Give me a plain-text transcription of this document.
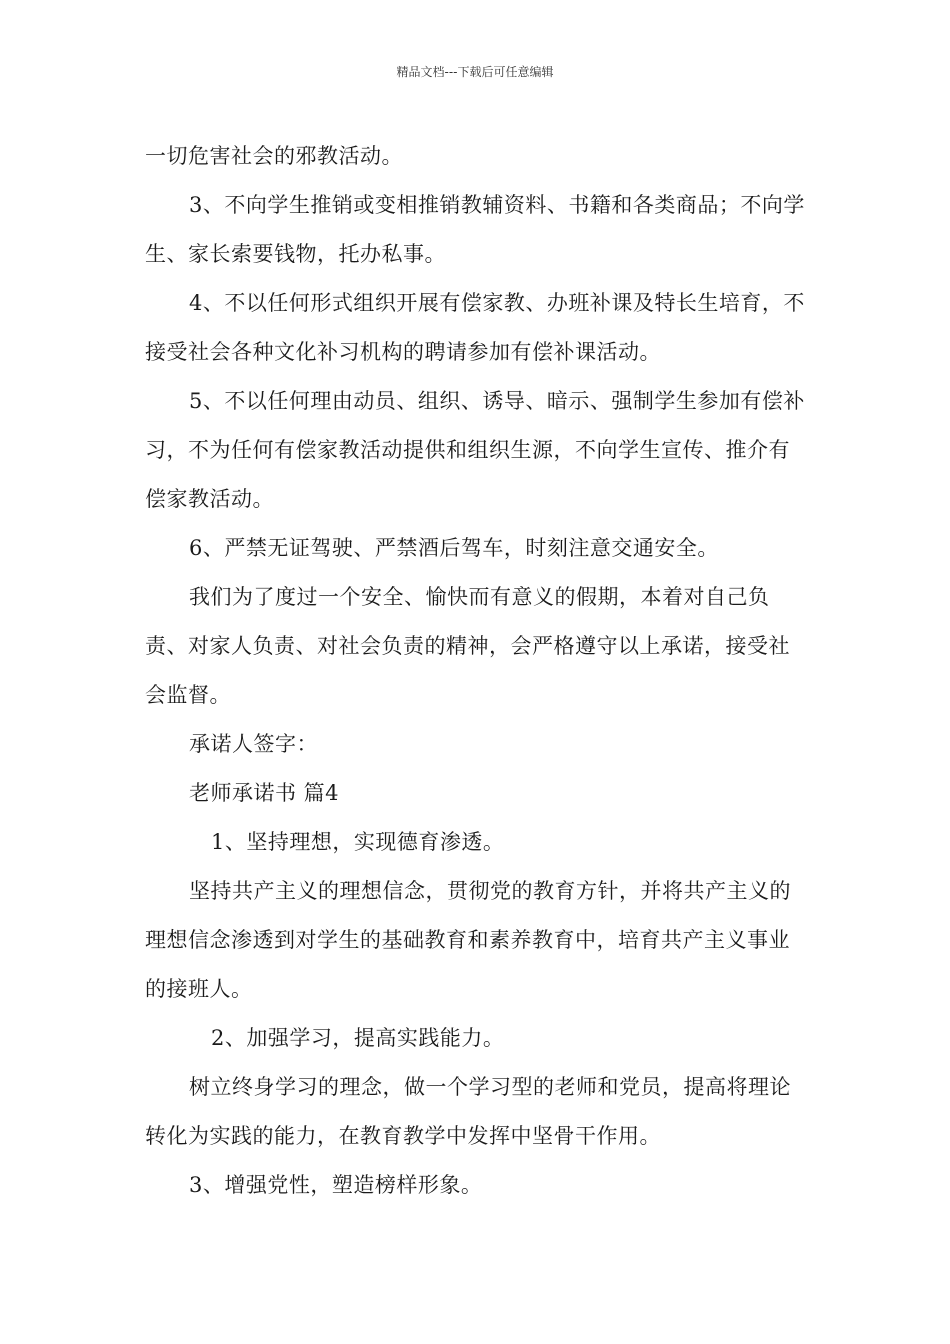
精品文档---下载后可任意编辑

一切危害社会的邪教活动。

3、不向学生推销或变相推销教辅资料、书籍和各类商品；不向学生、家长索要钱物，托办私事。

4、不以任何形式组织开展有偿家教、办班补课及特长生培育，不接受社会各种文化补习机构的聘请参加有偿补课活动。

5、不以任何理由动员、组织、诱导、暗示、强制学生参加有偿补习，不为任何有偿家教活动提供和组织生源，不向学生宣传、推介有偿家教活动。

6、严禁无证驾驶、严禁酒后驾车，时刻注意交通安全。

我们为了度过一个安全、愉快而有意义的假期，本着对自己负责、对家人负责、对社会负责的精神，会严格遵守以上承诺，接受社会监督。

承诺人签字：

老师承诺书 篇4

1、坚持理想，实现德育渗透。

坚持共产主义的理想信念，贯彻党的教育方针，并将共产主义的理想信念渗透到对学生的基础教育和素养教育中，培育共产主义事业的接班人。

2、加强学习，提高实践能力。

树立终身学习的理念，做一个学习型的老师和党员，提高将理论转化为实践的能力，在教育教学中发挥中坚骨干作用。

3、增强党性，塑造榜样形象。
